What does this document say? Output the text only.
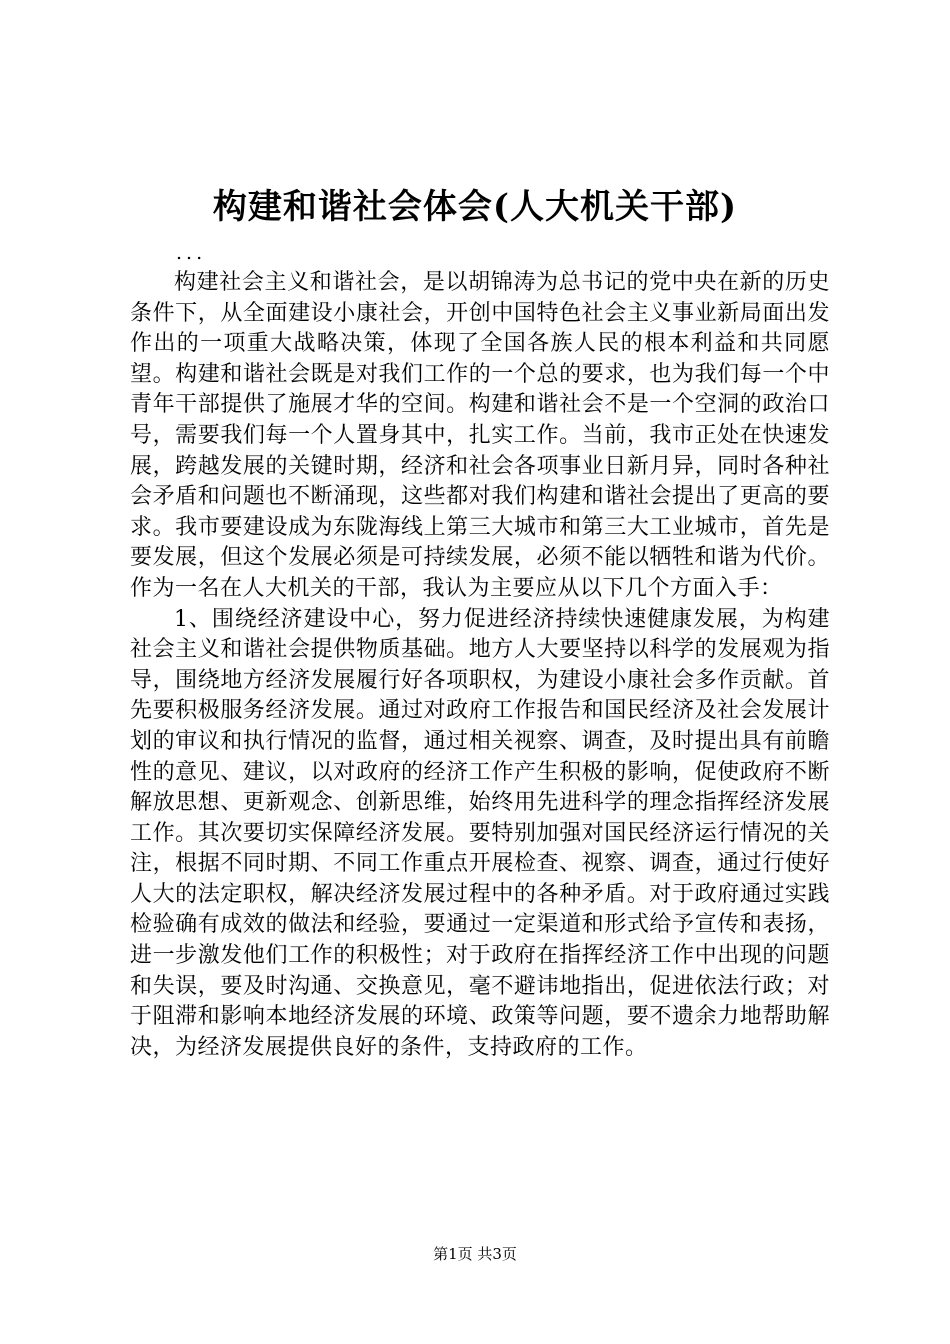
构建和谐社会体会(人大机关干部)
...

构建社会主义和谐社会，是以胡锦涛为总书记的党中央在新的历史条件下，从全面建设小康社会，开创中国特色社会主义事业新局面出发作出的一项重大战略决策，体现了全国各族人民的根本利益和共同愿望。构建和谐社会既是对我们工作的一个总的要求，也为我们每一个中青年干部提供了施展才华的空间。构建和谐社会不是一个空洞的政治口号，需要我们每一个人置身其中，扎实工作。当前，我市正处在快速发展，跨越发展的关键时期，经济和社会各项事业日新月异，同时各种社会矛盾和问题也不断涌现，这些都对我们构建和谐社会提出了更高的要求。我市要建设成为东陇海线上第三大城市和第三大工业城市，首先是要发展，但这个发展必须是可持续发展，必须不能以牺牲和谐为代价。作为一名在人大机关的干部，我认为主要应从以下几个方面入手：

1、围绕经济建设中心，努力促进经济持续快速健康发展，为构建社会主义和谐社会提供物质基础。地方人大要坚持以科学的发展观为指导，围绕地方经济发展履行好各项职权，为建设小康社会多作贡献。首先要积极服务经济发展。通过对政府工作报告和国民经济及社会发展计划的审议和执行情况的监督，通过相关视察、调查，及时提出具有前瞻性的意见、建议，以对政府的经济工作产生积极的影响，促使政府不断解放思想、更新观念、创新思维，始终用先进科学的理念指挥经济发展工作。其次要切实保障经济发展。要特别加强对国民经济运行情况的关注，根据不同时期、不同工作重点开展检查、视察、调查，通过行使好人大的法定职权，解决经济发展过程中的各种矛盾。对于政府通过实践检验确有成效的做法和经验，要通过一定渠道和形式给予宣传和表扬，进一步激发他们工作的积极性；对于政府在指挥经济工作中出现的问题和失误，要及时沟通、交换意见，毫不避讳地指出，促进依法行政；对于阻滞和影响本地经济发展的环境、政策等问题，要不遗余力地帮助解决，为经济发展提供良好的条件，支持政府的工作。

第1页 共3页
